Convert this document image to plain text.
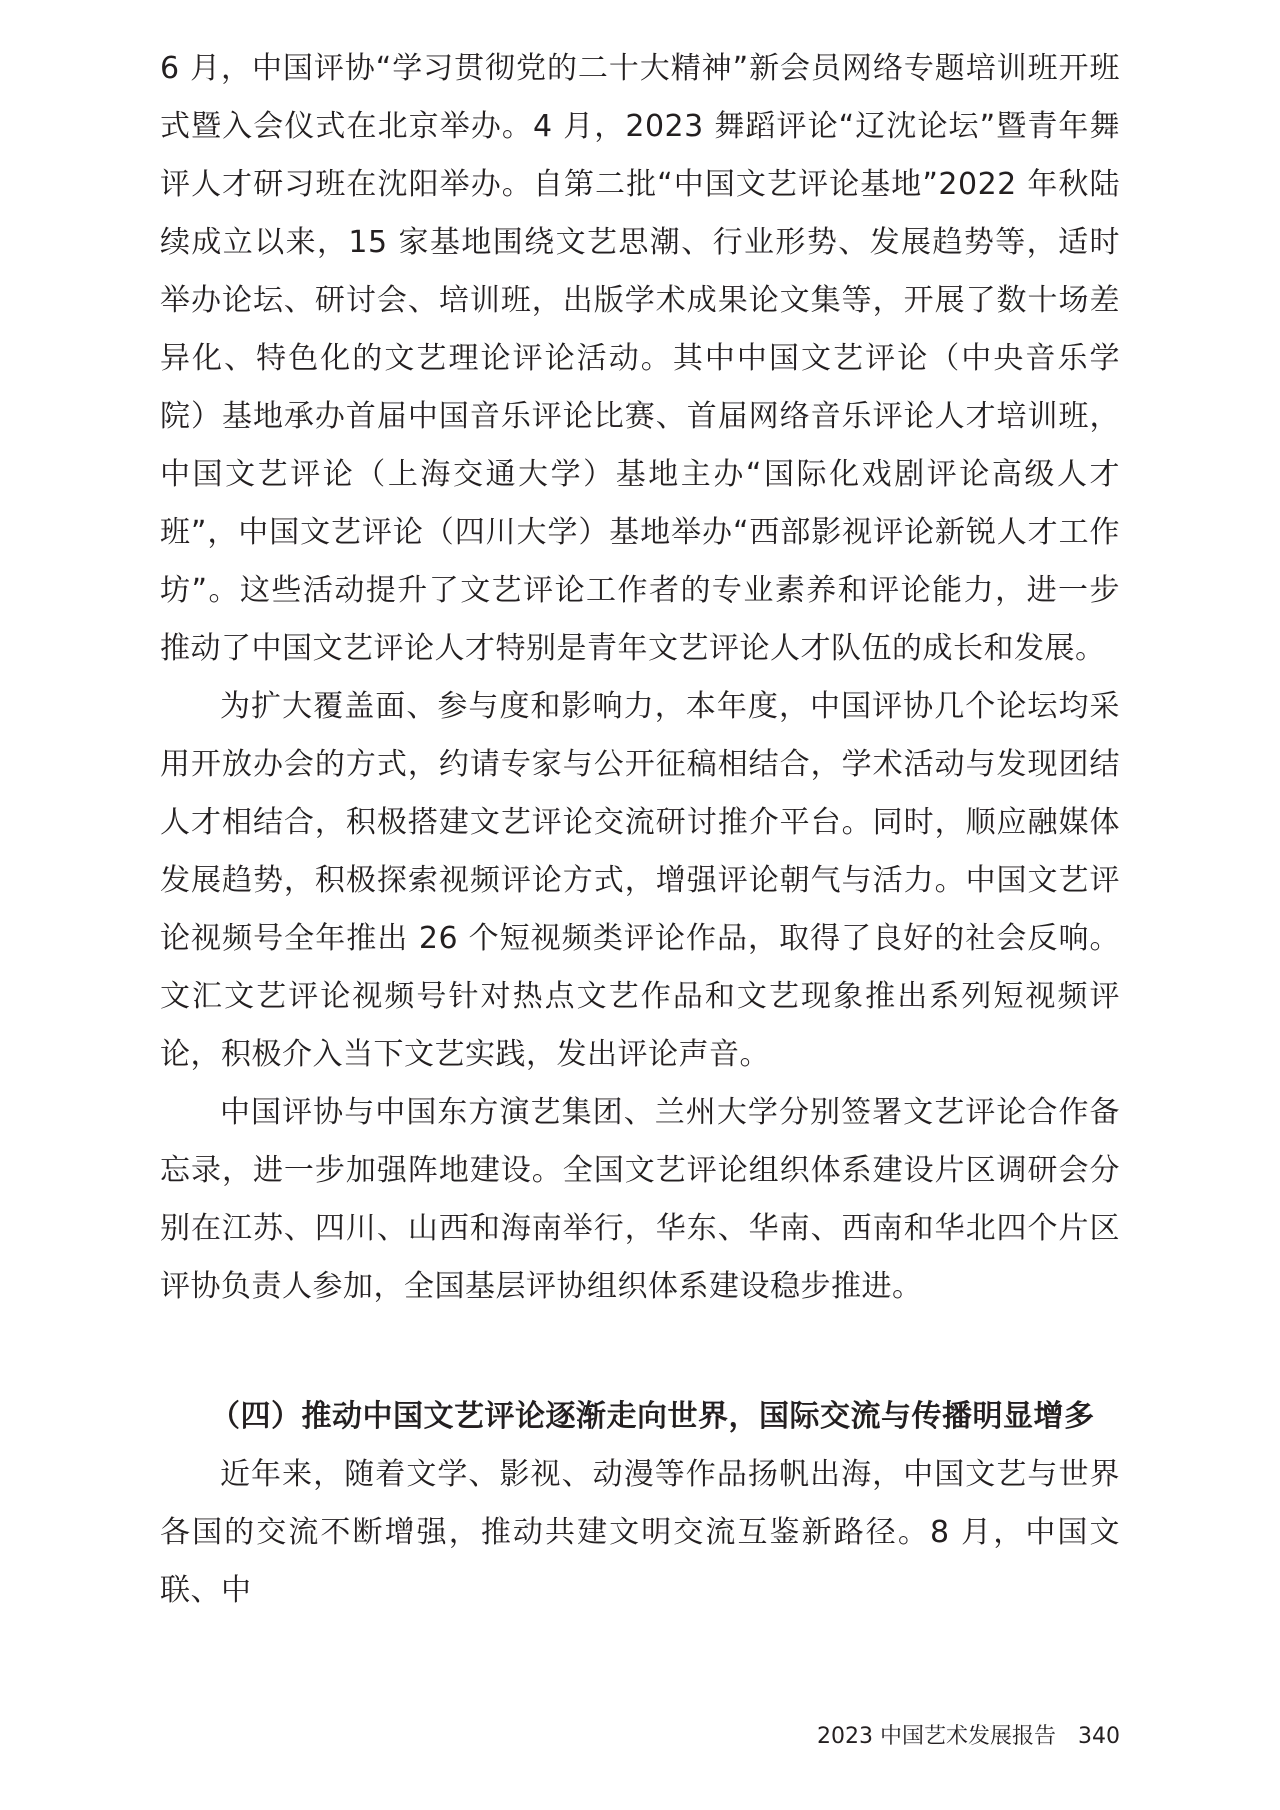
6 月，中国评协“学习贯彻党的二十大精神”新会员网络专题培训班开班式暨入会仪式在北京举办。4 月，2023 舞蹈评论“辽沈论坛”暨青年舞评人才研习班在沈阳举办。自第二批“中国文艺评论基地”2022 年秋陆续成立以来，15 家基地围绕文艺思潮、行业形势、发展趋势等，适时举办论坛、研讨会、培训班，出版学术成果论文集等，开展了数十场差异化、特色化的文艺理论评论活动。其中中国文艺评论（中央音乐学院）基地承办首届中国音乐评论比赛、首届网络音乐评论人才培训班，中国文艺评论（上海交通大学）基地主办“国际化戏剧评论高级人才班”，中国文艺评论（四川大学）基地举办“西部影视评论新锐人才工作坊”。这些活动提升了文艺评论工作者的专业素养和评论能力，进一步推动了中国文艺评论人才特别是青年文艺评论人才队伍的成长和发展。

为扩大覆盖面、参与度和影响力，本年度，中国评协几个论坛均采用开放办会的方式，约请专家与公开征稿相结合，学术活动与发现团结人才相结合，积极搭建文艺评论交流研讨推介平台。同时，顺应融媒体发展趋势，积极探索视频评论方式，增强评论朝气与活力。中国文艺评论视频号全年推出 26 个短视频类评论作品，取得了良好的社会反响。文汇文艺评论视频号针对热点文艺作品和文艺现象推出系列短视频评论，积极介入当下文艺实践，发出评论声音。

中国评协与中国东方演艺集团、兰州大学分别签署文艺评论合作备忘录，进一步加强阵地建设。全国文艺评论组织体系建设片区调研会分别在江苏、四川、山西和海南举行，华东、华南、西南和华北四个片区评协负责人参加，全国基层评协组织体系建设稳步推进。

（四）推动中国文艺评论逐渐走向世界，国际交流与传播明显增多

近年来，随着文学、影视、动漫等作品扬帆出海，中国文艺与世界各国的交流不断增强，推动共建文明交流互鉴新路径。8 月，中国文联、中

2023 中国艺术发展报告 340
